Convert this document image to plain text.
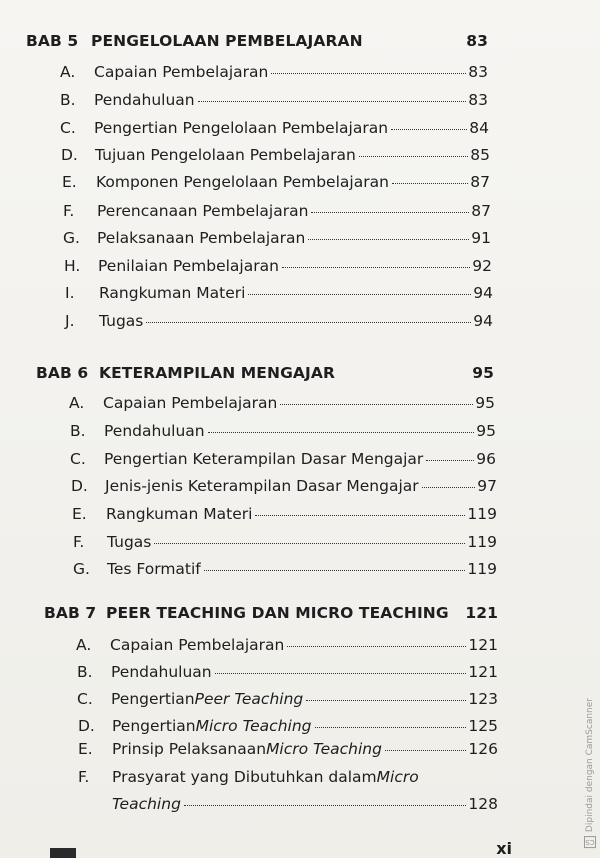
BAB 5 PENGELOLAAN PEMBELAJARAN	83
A.	Capaian Pembelajaran	83
B.	Pendahuluan	83
C.	Pengertian Pengelolaan Pembelajaran	84
D.	Tujuan Pengelolaan Pembelajaran	85
E.	Komponen Pengelolaan Pembelajaran	87
F.	Perencanaan Pembelajaran	87
G.	Pelaksanaan Pembelajaran	91
H.	Penilaian Pembelajaran	92
I.	Rangkuman Materi	94
J.	Tugas	94
BAB 6 KETERAMPILAN MENGAJAR	95
A.	Capaian Pembelajaran	95
B.	Pendahuluan	95
C.	Pengertian Keterampilan Dasar Mengajar	96
D.	Jenis-jenis Keterampilan Dasar Mengajar	97
E.	Rangkuman Materi	119
F.	Tugas	119
G.	Tes Formatif	119
BAB 7 PEER TEACHING DAN MICRO TEACHING 121
A.	Capaian Pembelajaran	121
B.	Pendahuluan	121
C.	Pengertian Peer Teaching	123
D.	Pengertian Micro Teaching	125
E.	Prinsip Pelaksanaan Micro Teaching	126
F.	Prasyarat yang Dibutuhkan dalam Micro
Teaching	128
xi	CS
Dipindai dengan CamScanner
